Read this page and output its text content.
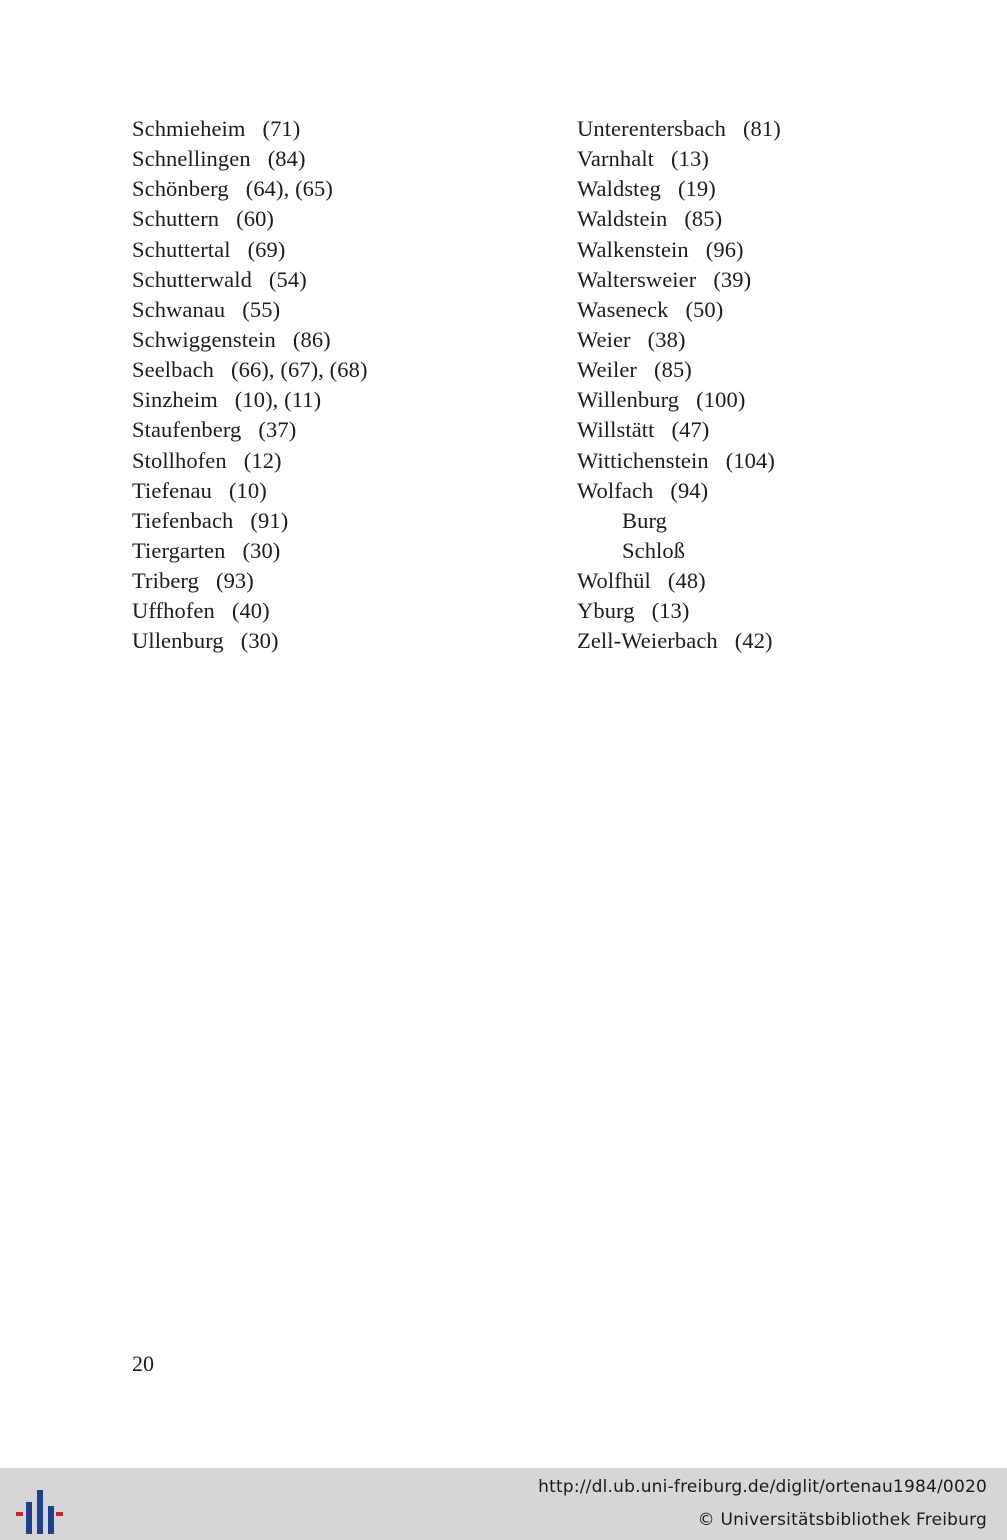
Schmieheim (71)
Schnellingen (84)
Schönberg (64), (65)
Schuttern (60)
Schuttertal (69)
Schutterwald (54)
Schwanau (55)
Schwiggenstein (86)
Seelbach (66), (67), (68)
Sinzheim (10), (11)
Staufenberg (37)
Stollhofen (12)
Tiefenau (10)
Tiefenbach (91)
Tiergarten (30)
Triberg (93)
Uffhofen (40)
Ullenburg (30)
Unterentersbach (81)
Varnhalt (13)
Waldsteg (19)
Waldstein (85)
Walkenstein (96)
Waltersweier (39)
Waseneck (50)
Weier (38)
Weiler (85)
Willenburg (100)
Willstätt (47)
Wittichenstein (104)
Wolfach (94)
Burg
Schloß
Wolfhül (48)
Yburg (13)
Zell-Weierbach (42)
20
http://dl.ub.uni-freiburg.de/diglit/ortenau1984/0020
© Universitätsbibliothek Freiburg
